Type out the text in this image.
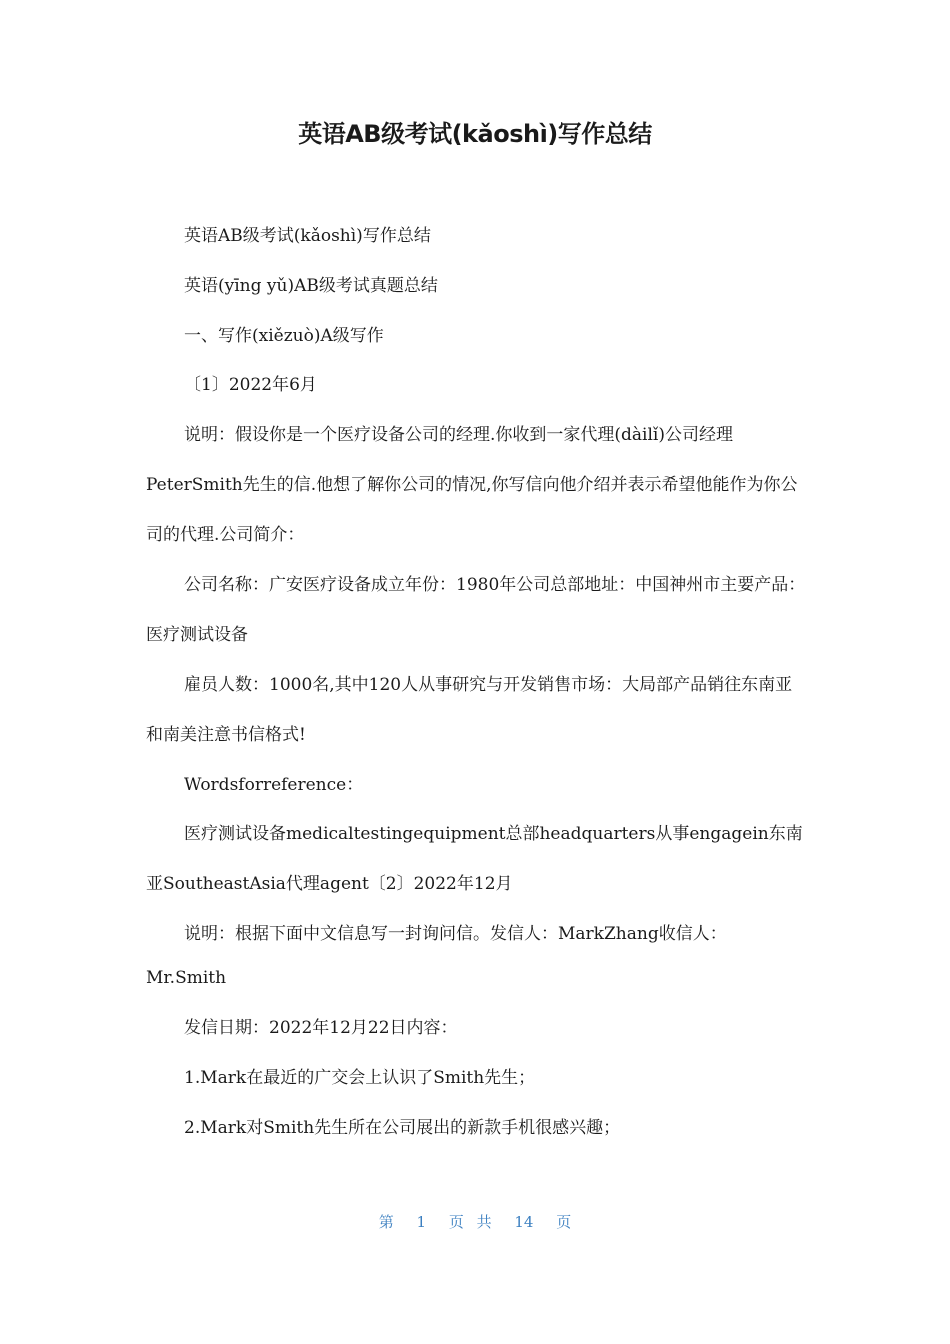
英语AB级考试(kǎoshì)写作总结

英语AB级考试(kǎoshì)写作总结

英语(yīng yǔ)AB级考试真题总结

一、写作(xiězuò)A级写作

〔1〕2022年6月

说明：假设你是一个医疗设备公司的经理.你收到一家代理(dàilǐ)公司经理PeterSmith先生的信.他想了解你公司的情况,你写信向他介绍并表示希望他能作为你公司的代理.公司简介：

公司名称：广安医疗设备成立年份：1980年公司总部地址：中国神州市主要产品：医疗测试设备

雇员人数：1000名,其中120人从事研究与开发销售市场：大局部产品销往东南亚和南美注意书信格式!

Wordsforreference：

医疗测试设备medicaltestingequipment总部headquarters从事engagein东南亚SoutheastAsia代理agent〔2〕2022年12月

说明：根据下面中文信息写一封询问信。发信人：MarkZhang收信人：Mr.Smith

发信日期：2022年12月22日内容：

1.Mark在最近的广交会上认识了Smith先生；

2.Mark对Smith先生所在公司展出的新款手机很感兴趣；

第 1 页 共 14 页
